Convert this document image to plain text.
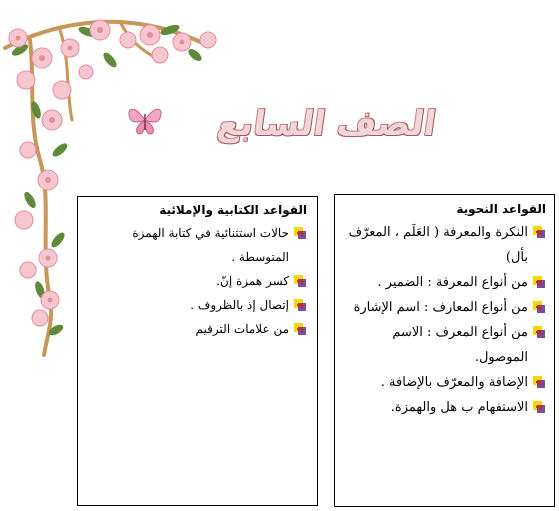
الصف السابع
القواعد الكتابية والإملائية
حالات استثنائية في كتابة الهمزة المتوسطة .
كسر همزة إنّ.
إتصال إذ بالظروف .
من علامات الترقيم
القواعد النحوية
النكرة والمعرفة ( العَلَم ، المعرّف بأل)
من أنواع المعرفة : الضمير .
من أنواع المعارف : اسم الإشارة
من أنواع المعرف : الاسم الموصول.
الإضافة والمعرّف بالإضافة .
الاستفهام ب هل والهمزة.
